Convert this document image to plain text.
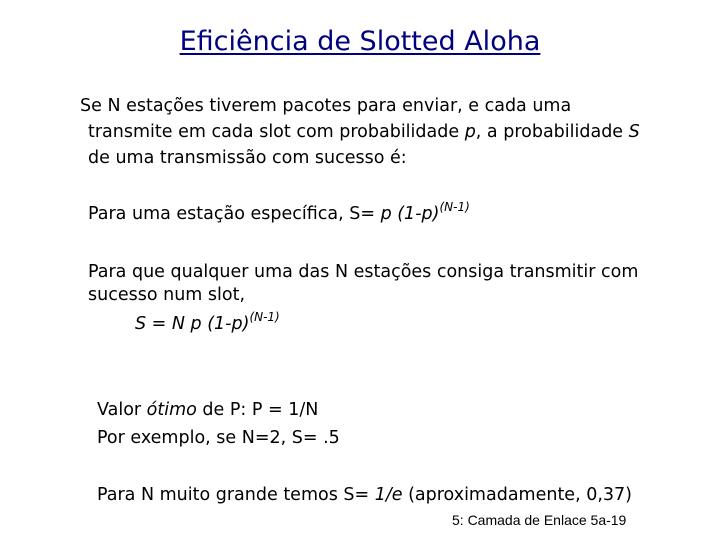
Eficiência de Slotted Aloha
Se N estações tiverem pacotes para enviar, e cada uma
transmite em cada slot com probabilidade p, a probabilidade S
de uma transmissão com sucesso é:
Para uma estação específica, S= p $(1-p)^{(N-1)}$
Para que qualquer uma das N estações consiga transmitir com
sucesso num slot,
S = N p $(1-p)^{(N-1)}$
Valor ótimo de P: P = 1/N
Por exemplo, se N=2, S= .5
Para N muito grande temos S= 1/e (aproximadamente, 0,37)
5: Camada de Enlace 5a-19
